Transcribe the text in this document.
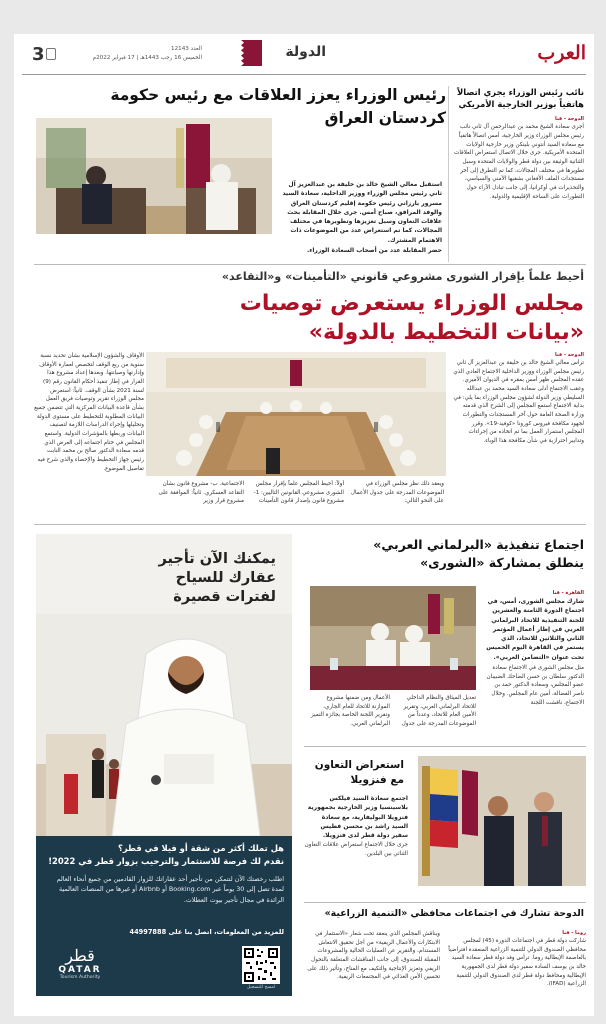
3	العدد 12143
الخميس 16 رجب 1443هـ | 17 فبراير 2022م	الدولة	العرب
رئيس الوزراء يعزز العلاقات مع رئيس حكومة
كردستان العراق
استقبل معالي الشيخ خالد بن خليفة بن عبدالعزيز آل ثاني رئيس مجلس الوزراء ووزير الداخلية، سعادة السيد مسرور بارزاني رئيس حكومة إقليم كردستان العراق والوفد المرافق، صباح أمس. جرى خلال المقابلة بحث علاقات التعاون وسبل تعزيزها وتطويرها في مختلف المجالات، كما تم استعراض عدد من الموضوعات ذات الاهتمام المشترك.
حضر المقابلة عدد من أصحاب السعادة الوزراء.
نائب رئيس الوزراء يجري اتصالاً
هاتفياً بوزير الخارجية الأمريكي
الدوحة - قنا
أجرى سعادة الشيخ محمد بن عبدالرحمن آل ثاني نائب رئيس مجلس الوزراء وزير الخارجية، أمس اتصالاً هاتفياً مع سعادة السيد أنتوني بلينكن وزير خارجية الولايات المتحدة الأمريكية. جرى خلال الاتصال استعراض العلاقات الثنائية الوثيقة بين دولة قطر والولايات المتحدة وسبل تطويرها في مختلف المجالات، كما تم التطرق إلى آخر مستجدات الملف الأفغاني بشقيها الأمني والسياسي، والتحذيرات في أوكرانيا، إلى جانب تبادل الآراء حول التطورات على الساحة الإقليمية والدولية.
أحيط علماً بإقرار الشورى مشروعي قانوني «التأمينات» و«التقاعد»
مجلس الوزراء يستعرض توصيات
«بيانات التخطيط بالدولة»
الأوقاف والشؤون الإسلامية بشأن تحديد نسبة سنوية من ريع الوقف لتخصص لعمارة الأوقاف وإدارتها وصيانتها. وبعدها إعداد مشروع هذا القرار في إطار تنفيذ أحكام القانون رقم (9) لسنة 2021 بشأن الوقف. ثانياً: استعرض مجلس الوزراء تقرير وتوصيات فريق العمل بشأن قاعدة البيانات المركزية التي تتضمن جميع البيانات المطلوبة للتخطيط على مستوى الدولة وتحليلها وإجراء الدراسات اللازمة لتصنيف البيانات وربطها بالمؤشرات الدولية. واستمع المجلس في ختام اجتماعه إلى العرض الذي قدمه سعادة الدكتور صالح بن محمد النابت رئيس جهاز التخطيط والإحصاء والذي شرح فيه تفاصيل الموضوع.
الدوحة - قنا
ترأس معالي الشيخ خالد بن خليفة بن عبدالعزيز آل ثاني رئيس مجلس الوزراء ووزير الداخلية الاجتماع العادي الذي عقده المجلس ظهر أمس بمقره في الديوان الأميري. وعقب الاجتماع أدلى سعادة السيد محمد بن عبدالله السليطي وزير الدولة لشؤون مجلس الوزراء بما يلي: في بداية الاجتماع استمع المجلس إلى الشرح الذي قدمته وزارة الصحة العامة حول آخر المستجدات والتطورات لجهود مكافحة فيروس كورونا «كوفيد-19». وقرر المجلس استمرار العمل بما تم اتخاذه من إجراءات وتدابير احترازية في شأن مكافحة هذا الوباء.
الاجتماعية. ب- مشروع قانون بشأن التقاعد العسكري. ثانياً: الموافقة على مشروع قرار وزير
أولاً: أحيط المجلس علماً بإقرار مجلس الشورى مشروعي القانونين التاليين: 1- مشروع قانون بإصدار قانون التأمينات
ويعقد ذلك نظر مجلس الوزراء في الموضوعات المدرجة على جدول الأعمال على النحو التالي:
يمكنك الآن تأجير
عقارك للسياح
لفترات قصيرة
هل تملك أكثر من شقة أو فيلا في قطر؟
نقدم لك فرصة للاستثمار والترحيب بزوار قطر في 2022!
اطلب رخصتك الآن لتتمكن من تأجير أحد عقاراتك للزوار القادمين من جميع أنحاء العالم لمدة تصل إلى 30 يوماً عبر Booking.com أو Airbnb أو غيرها من المنصات العالمية الرائدة في مجال تأجير بيوت العطلات.
للمزيد من المعلومات، اتصل بنا على 44997888
قطر
QATAR
Tourism Authority
امسح للتسجيل
اجتماع تنفيذية «البرلماني العربي»
ينطلق بمشاركة «الشورى»
القاهرة - قنا
شارك مجلس الشورى، أمس، في اجتماع الدورة الثامنة والعشرين للجنة التنفيذية للاتحاد البرلماني العربي في إطار أعمال المؤتمر الثاني والثلاثين للاتحاد، الذي يستمر في القاهرة اليوم الخميس تحت عنوان «التضامن العربي».
مثل مجلس الشورى في الاجتماع سعادة الدكتور سلطان بن حسن الضاحك الضبيبان عضو المجلس، وسعادة الدكتور حمد بن ناصر الفضالة، أمين عام المجلس. وخلال الاجتماع، ناقشت اللجنة
تعديل الميثاق والنظام الداخلي للاتحاد البرلماني العربي، وتقرير الأمين العام للاتحاد، وعدداً من الموضوعات المدرجة على جدول
الأعمال ومن ضمنها مشروع الموازنة للاتحاد للعام الجاري، وتقرير اللجنة الخاصة بجائزة التميز البرلماني العربي.
استعراض التعاون
مع فنزويلا
اجتمع سعادة السيد فيلكس بلاسينسيا وزير الخارجية بجمهورية فنزويلا البوليفارية، مع سعادة السيد راشد بن محسن فطيس سفير دولة قطر لدى فنزويلا.
جرى خلال الاجتماع استعراض علاقات التعاون الثنائي بين البلدين.
الدوحة تشارك في اجتماعات محافظي «التنمية الزراعية»
روما - قنا
شاركت دولة قطر في اجتماعات الدورة (45) لمجلس محافظي الصندوق الدولي للتنمية الزراعية المنعقدة افتراضياً بالعاصمة الإيطالية روما. ترأس وفد دولة قطر سعادة السيد خالد بن يوسف السادة سفير دولة قطر لدى الجمهورية الإيطالية ومحافظ دولة قطر لدى الصندوق الدولي للتنمية الزراعية (IFAD).
ويناقش المجلس الذي ينعقد تحت شعار «الاستثمار في الابتكارات والأعمال الريفية» من أجل تحقيق الانتعاش المستدام، والتقرير عن العمليات الحالية والمشروعات المقبلة للصندوق، إلى جانب المناقشات المتعلقة بالتحول الريفي وتعزيز الإنتاجية والتكيف مع المناخ، وتأثير ذلك على تحسين الأمن الغذائي في المجتمعات الريفية.
